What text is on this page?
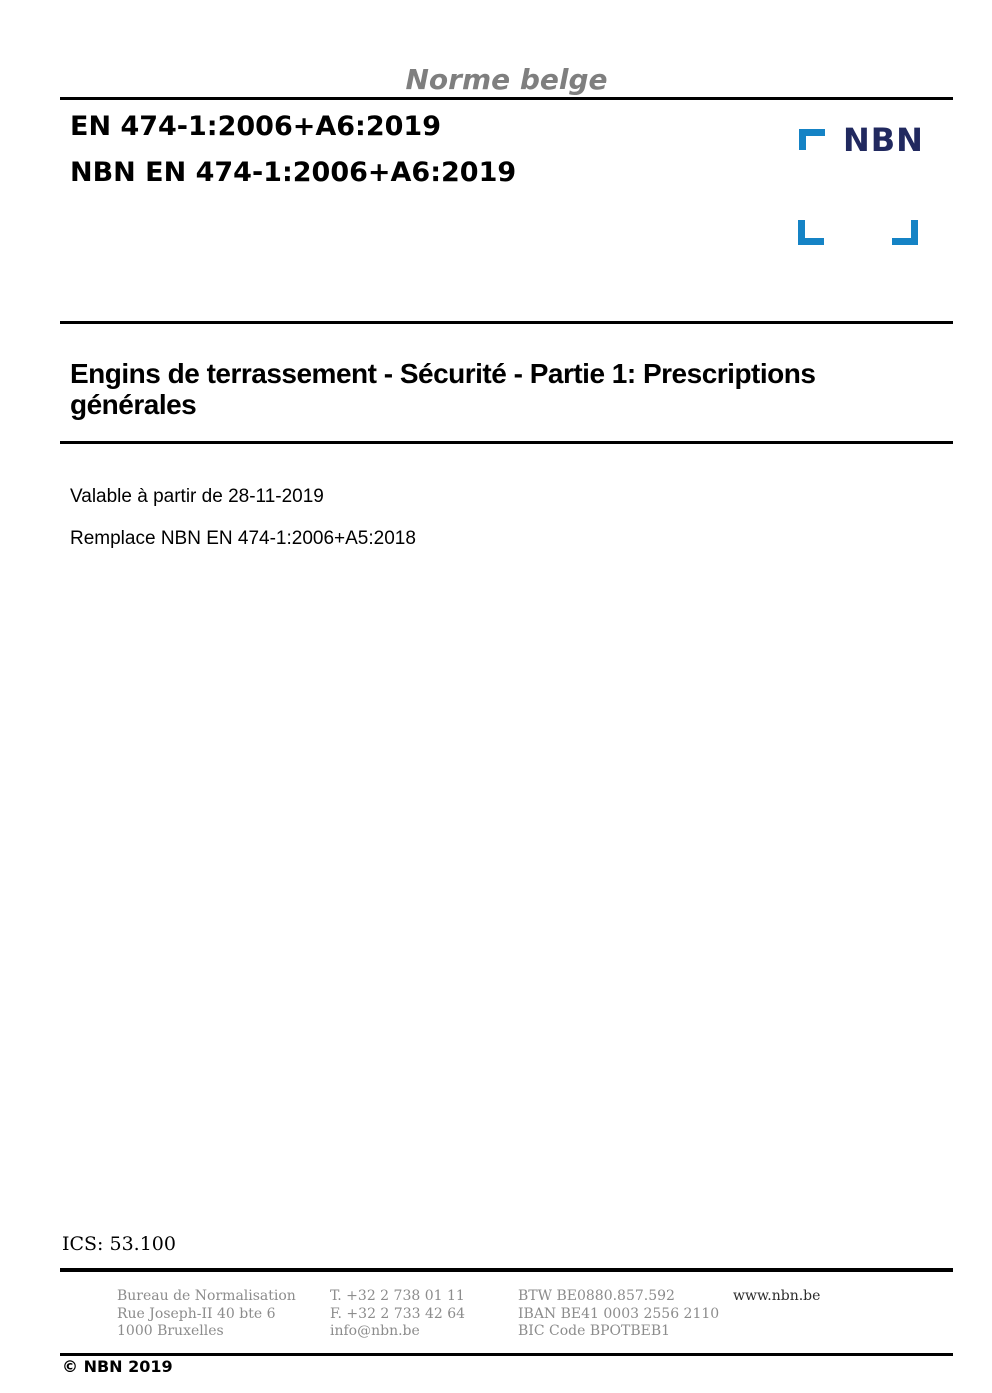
Norme belge
EN 474-1:2006+A6:2019
NBN EN 474-1:2006+A6:2019
NBN
Engins de terrassement - Sécurité - Partie 1: Prescriptions
générales
Valable à partir de 28-11-2019
Remplace NBN EN 474-1:2006+A5:2018
ICS: 53.100
Bureau de Normalisation
Rue Joseph-II 40 bte 6
1000 Bruxelles
T. +32 2 738 01 11
F. +32 2 733 42 64
info@nbn.be
BTW BE0880.857.592
IBAN BE41 0003 2556 2110
BIC Code BPOTBEB1
www.nbn.be
© NBN 2019
